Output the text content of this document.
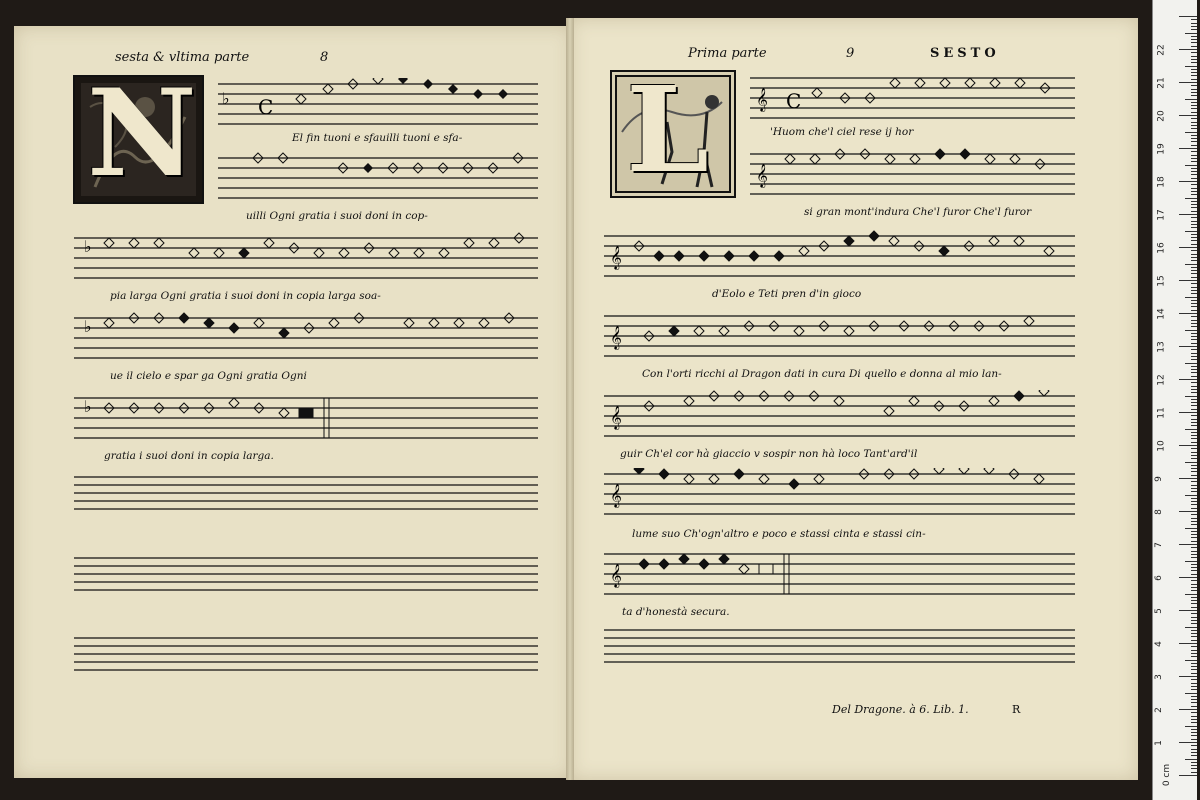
sesta & vltima parte	8
N ♭ C
El fin tuoni e sfauilli tuoni e sfa-
uilli Ogni gratia i suoi doni in cop-
♭
pia larga Ogni gratia i suoi doni in copia larga soa-
♭
ue il cielo e spar ga Ogni gratia Ogni
♭
gratia i suoi doni in copia larga.
Prima parte	9	SESTO
L 𝄞 C
'Huom che'l ciel rese ij hor
𝄞
si gran mont'indura Che'l furor Che'l furor
𝄞
d'Eolo e Teti pren d'in gioco
𝄞
Con l'orti ricchi al Dragon dati in cura Di quello e donna al mio lan-
𝄞
guir Ch'el cor hà giaccio v sospir non hà loco Tant'ard'il
𝄞
lume suo Ch'ogn'altro e poco e stassi cinta e stassi cin-
𝄞
ta d'honestà secura.
Del Dragone. à 6. Lib. 1.	R
0 cm
1
2
3
4
5
6
7
8
9
10
11
12
13
14
15
16
17
18
19
20
21
22
